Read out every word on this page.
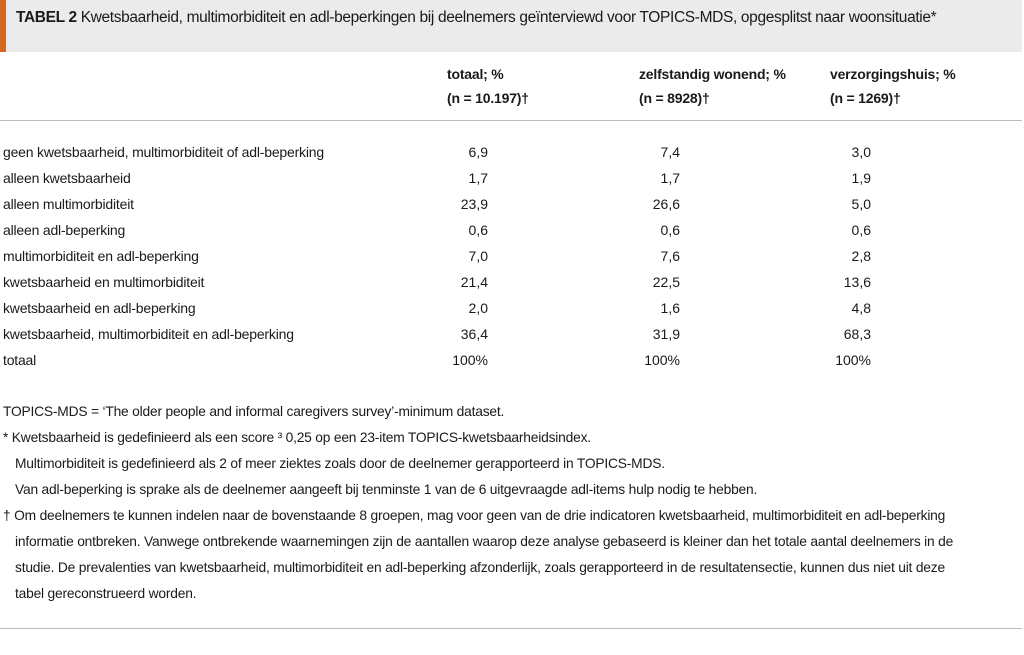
TABEL 2 Kwetsbaarheid, multimorbiditeit en adl-beperkingen bij deelnemers geïnterviewd voor TOPICS-MDS, opgesplitst naar woonsituatie*
totaal; %
(n = 10.197)†
zelfstandig wonend; %
(n = 8928)†
verzorgingshuis; %
(n = 1269)†
geen kwetsbaarheid, multimorbiditeit of adl-beperking	6,9	7,4	3,0
alleen kwetsbaarheid	1,7	1,7	1,9
alleen multimorbiditeit	23,9	26,6	5,0
alleen adl-beperking	0,6	0,6	0,6
multimorbiditeit en adl-beperking	7,0	7,6	2,8
kwetsbaarheid en multimorbiditeit	21,4	22,5	13,6
kwetsbaarheid en adl-beperking	2,0	1,6	4,8
kwetsbaarheid, multimorbiditeit en adl-beperking	36,4	31,9	68,3
totaal	100%	100%	100%
TOPICS-MDS = ‘The older people and informal caregivers survey’-minimum dataset.
* Kwetsbaarheid is gedefinieerd als een score ³ 0,25 op een 23-item TOPICS-kwetsbaarheidsindex.
Multimorbiditeit is gedefinieerd als 2 of meer ziektes zoals door de deelnemer gerapporteerd in TOPICS-MDS.
Van adl-beperking is sprake als de deelnemer aangeeft bij tenminste 1 van de 6 uitgevraagde adl-items hulp nodig te hebben.
† Om deelnemers te kunnen indelen naar de bovenstaande 8 groepen, mag voor geen van de drie indicatoren kwetsbaarheid, multimorbiditeit en adl-beperking
informatie ontbreken. Vanwege ontbrekende waarnemingen zijn de aantallen waarop deze analyse gebaseerd is kleiner dan het totale aantal deelnemers in de
studie. De prevalenties van kwetsbaarheid, multimorbiditeit en adl-beperking afzonderlijk, zoals gerapporteerd in de resultatensectie, kunnen dus niet uit deze
tabel gereconstrueerd worden.
